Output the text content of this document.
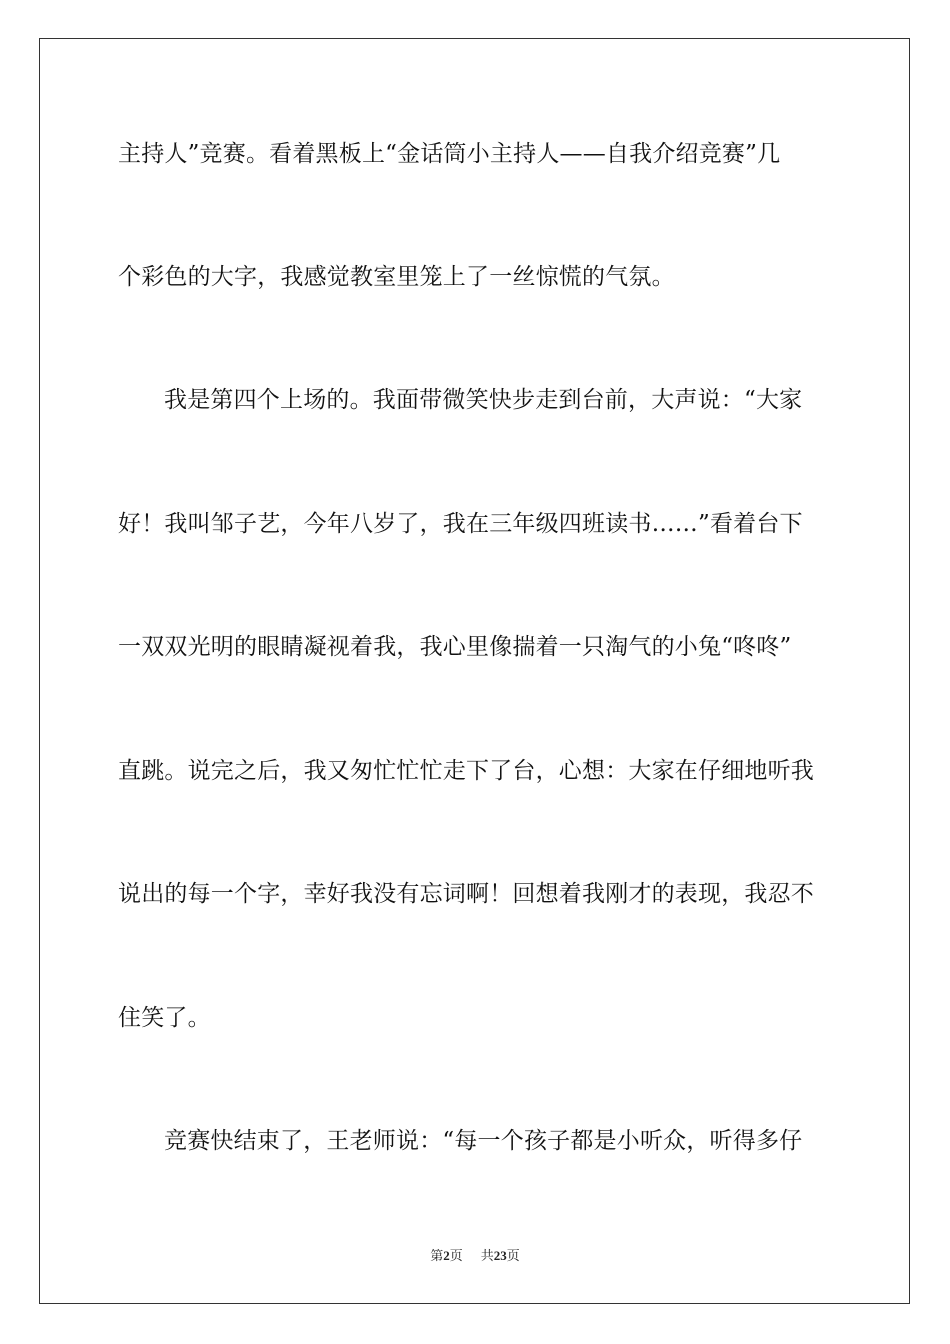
主持人”竞赛。看着黑板上“金话筒小主持人——自我介绍竞赛”几
个彩色的大字，我感觉教室里笼上了一丝惊慌的气氛。
我是第四个上场的。我面带微笑快步走到台前，大声说：“大家
好！我叫邹子艺，今年八岁了，我在三年级四班读书……”看着台下
一双双光明的眼睛凝视着我，我心里像揣着一只淘气的小兔“咚咚”
直跳。说完之后，我又匆忙忙忙走下了台，心想：大家在仔细地听我
说出的每一个字，幸好我没有忘词啊！回想着我刚才的表现，我忍不
住笑了。
竞赛快结束了，王老师说：“每一个孩子都是小听众，听得多仔
第2页 共23页
